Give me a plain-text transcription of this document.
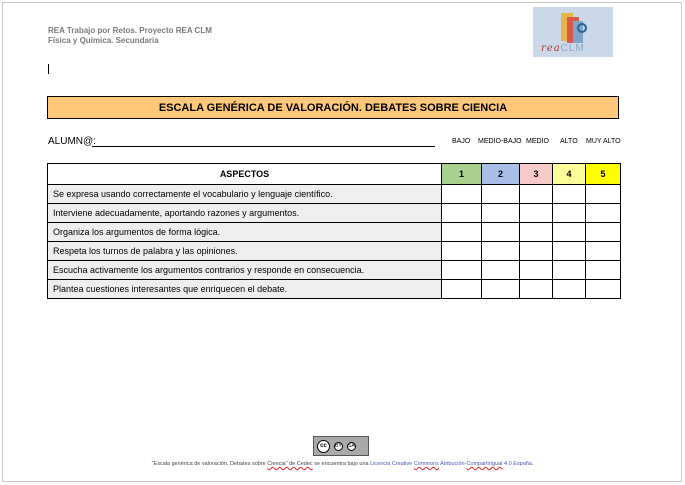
REA Trabajo por Retos. Proyecto REA CLM
Física y Química. Secundaria
reaCLM
ESCALA GENÉRICA DE VALORACIÓN. DEBATES SOBRE CIENCIA
ALUMN@:	BAJO MEDIO-BAJO MEDIO ALTO MUY ALTO
ASPECTOS	1	2	3	4	5
Se expresa usando correctamente el vocabulario y lenguaje científico.					
Interviene adecuadamente, aportando razones y argumentos.					
Organiza los argumentos de forma lógica.					
Respeta los turnos de palabra y las opiniones.					
Escucha activamente los argumentos contrarios y responde en consecuencia.					
Plantea cuestiones interesantes que enriquecen el debate.					
cc	BY SA
"Escala genérica de valoración. Debates sobre Ciencia" de Cedec se encuentra bajo una Licencia Creative Commons Atribución-CompartirIgual 4.0 España.
